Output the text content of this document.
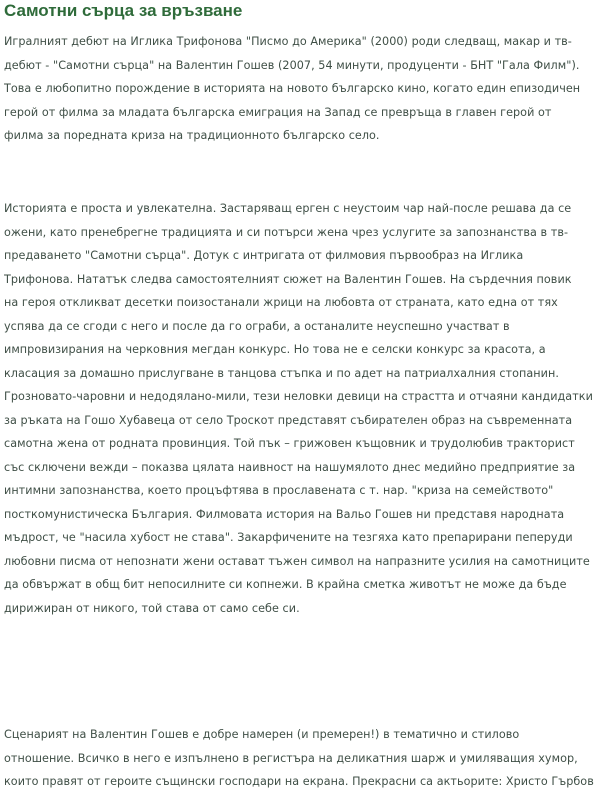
Самотни сърца за връзване

Игралният дебют на Иглика Трифонова "Писмо до Америка" (2000) роди следващ, макар и тв-
дебют - "Самотни сърца" на Валентин Гошев (2007, 54 минути, продуценти - БНТ "Гала Филм").
Това е любопитно порождение в историята на новото българско кино, когато един епизодичен
герой от филма за младата българска емиграция на Запад се превръща в главен герой от
филма за поредната криза на традиционното българско село.

Историята е проста и увлекателна. Застаряващ ерген с неустоим чар най-после решава да се
ожени, като пренебрегне традицията и си потърси жена чрез услугите за запознанства в тв-
предаването "Самотни сърца". Дотук с интригата от филмовия първообраз на Иглика
Трифонова. Нататък следва самостоятелният сюжет на Валентин Гошев. На сърдечния повик
на героя откликват десетки поизостанали жрици на любовта от страната, като една от тях
успява да се сгоди с него и после да го ограби, а останалите неуспешно участват в
импровизирания на черковния мегдан конкурс. Но това не е селски конкурс за красота, а
класация за домашно прислугване в танцова стъпка и по адет на патриалхалния стопанин.
Грозновато-чаровни и недодялано-мили, тези неловки девици на страстта и отчаяни кандидатки
за ръката на Гошо Хубавеца от село Троскот представят събирателен образ на съвременната
самотна жена от родната провинция. Той пък – грижовен къщовник и трудолюбив тракторист
със сключени вежди – показва цялата наивност на нашумялото днес медийно предприятие за
интимни запознанства, което процъфтява в прославената с т. нар. "криза на семейството"
посткомунистическа България. Филмовата история на Вальо Гошев ни представя народната
мъдрост, че "насила хубост не става". Закарфичените на тезгяха като препарирани пеперуди
любовни писма от непознати жени остават тъжен символ на напразните усилия на самотниците
да обвържат в общ бит непосилните си копнежи. В крайна сметка животът не може да бъде
дирижиран от никого, той става от само себе си.

Сценарият на Валентин Гошев е добре намерен (и премерен!) в тематично и стилово
отношение. Всичко в него е изпълнено в регистъра на деликатния шарж и умиляващия хумор,
които правят от героите същински господари на екрана. Прекрасни са актьорите: Христо Гърбов
